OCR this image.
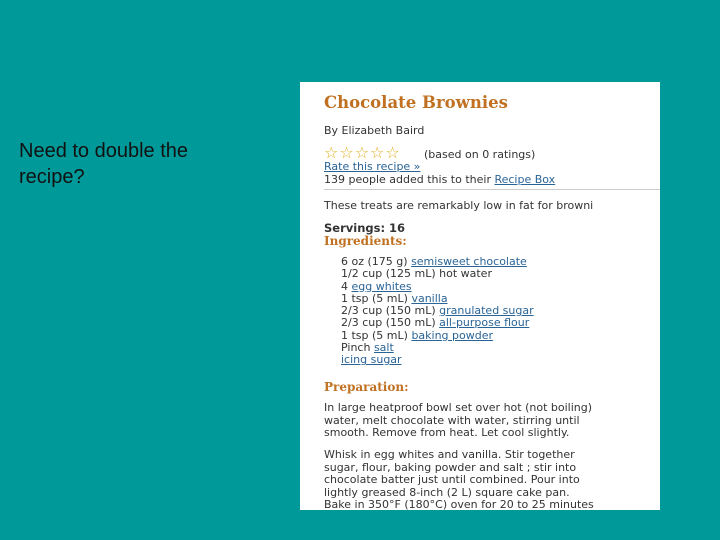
Need to double the
recipe?
Chocolate Brownies
By Elizabeth Baird
☆☆☆☆☆ (based on 0 ratings)
Rate this recipe »
139 people added this to their Recipe Box
These treats are remarkably low in fat for browni
Servings: 16
Ingredients:
6 oz (175 g) semisweet chocolate
1/2 cup (125 mL) hot water
4 egg whites
1 tsp (5 mL) vanilla
2/3 cup (150 mL) granulated sugar
2/3 cup (150 mL) all-purpose flour
1 tsp (5 mL) baking powder
Pinch salt
icing sugar
Preparation:
In large heatproof bowl set over hot (not boiling)
water, melt chocolate with water, stirring until
smooth. Remove from heat. Let cool slightly.
Whisk in egg whites and vanilla. Stir together
sugar, flour, baking powder and salt ; stir into
chocolate batter just until combined. Pour into
lightly greased 8-inch (2 L) square cake pan.
Bake in 350°F (180°C) oven for 20 to 25 minutes
